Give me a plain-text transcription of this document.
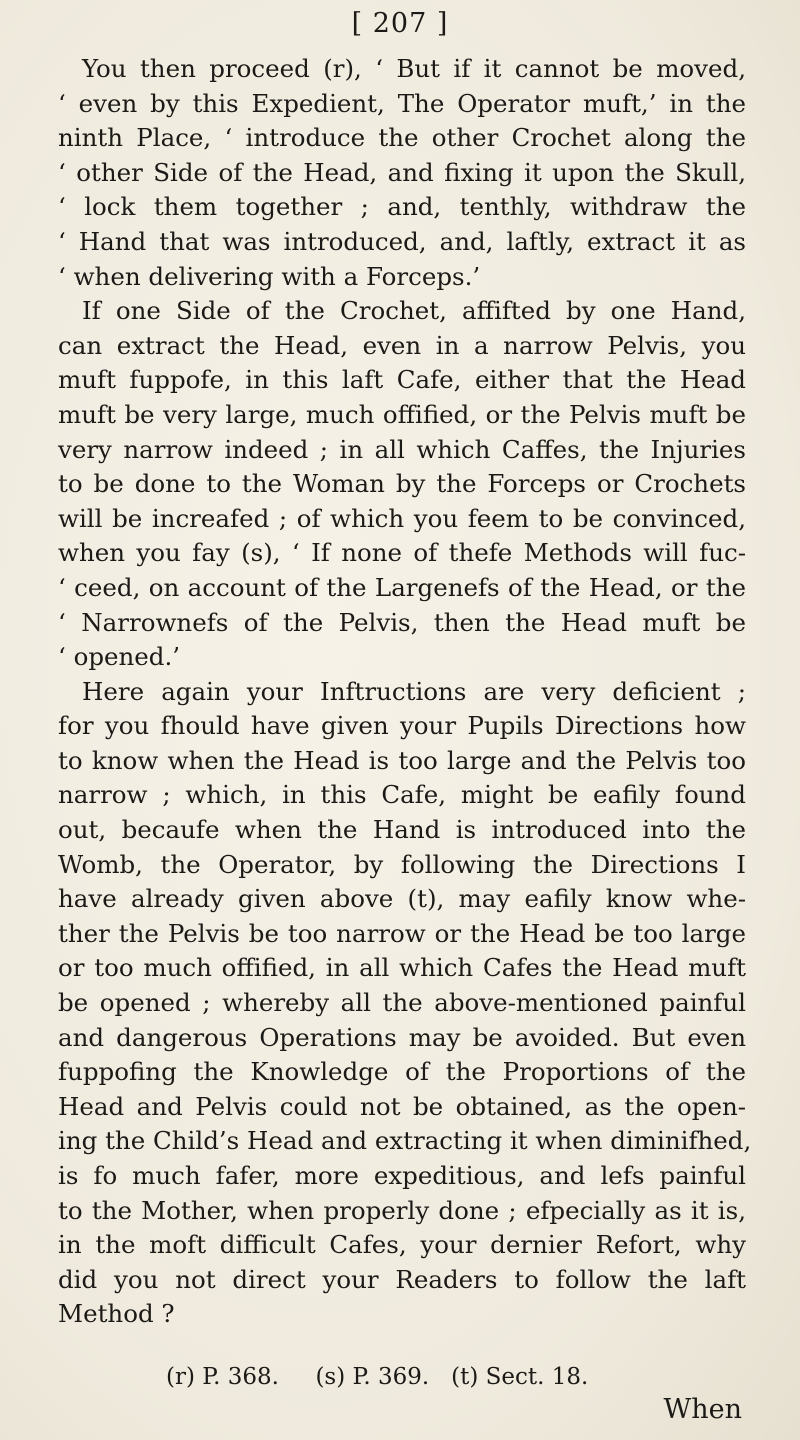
[ 207 ]
You then proceed (r), ‘ But if it cannot be moved,
‘ even by this Expedient, The Operator muft,’ in the
ninth Place, ‘ introduce the other Crochet along the
‘ other Side of the Head, and fixing it upon the Skull,
‘ lock them together ; and, tenthly, withdraw the
‘ Hand that was introduced, and, laftly, extract it as
‘ when delivering with a Forceps.’
If one Side of the Crochet, affifted by one Hand,
can extract the Head, even in a narrow Pelvis, you
muft fuppofe, in this laft Cafe, either that the Head
muft be very large, much offified, or the Pelvis muft be
very narrow indeed ; in all which Caffes, the Injuries
to be done to the Woman by the Forceps or Crochets
will be increafed ; of which you feem to be convinced,
when you fay (s), ‘ If none of thefe Methods will fuc-
‘ ceed, on account of the Largenefs of the Head, or the
‘ Narrownefs of the Pelvis, then the Head muft be
‘ opened.’
Here again your Inftructions are very deficient ;
for you fhould have given your Pupils Directions how
to know when the Head is too large and the Pelvis too
narrow ; which, in this Cafe, might be eafily found
out, becaufe when the Hand is introduced into the
Womb, the Operator, by following the Directions I
have already given above (t), may eafily know whe-
ther the Pelvis be too narrow or the Head be too large
or too much offified, in all which Cafes the Head muft
be opened ; whereby all the above-mentioned painful
and dangerous Operations may be avoided. But even
fuppofing the Knowledge of the Proportions of the
Head and Pelvis could not be obtained, as the open-
ing the Child’s Head and extracting it when diminifhed,
is fo much fafer, more expeditious, and lefs painful
to the Mother, when properly done ; efpecially as it is,
in the moft difficult Cafes, your dernier Refort, why
did you not direct your Readers to follow the laft
Method ?
(r) P. 368.     (s) P. 369.   (t) Sect. 18.
When
